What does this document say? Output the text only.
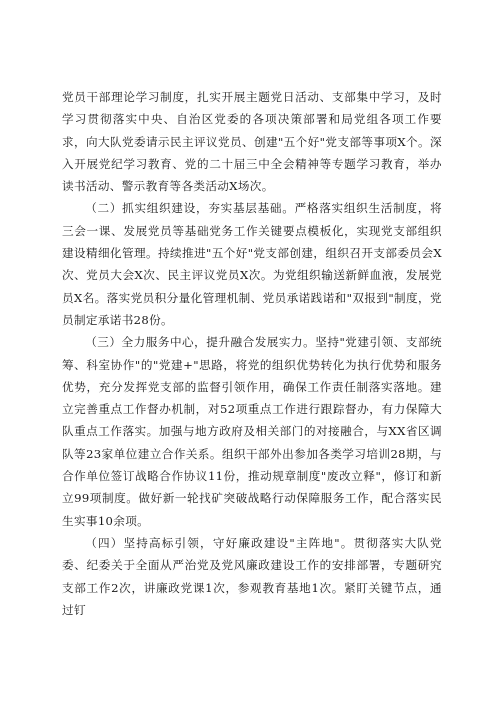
党员干部理论学习制度，扎实开展主题党日活动、支部集中学习，及时学习贯彻落实中央、自治区党委的各项决策部署和局党组各项工作要求，向大队党委请示民主评议党员、创建"五个好"党支部等事项X个。深入开展党纪学习教育、党的二十届三中全会精神等专题学习教育，举办读书活动、警示教育等各类活动X场次。

（二）抓实组织建设，夯实基层基础。严格落实组织生活制度，将三会一课、发展党员等基础党务工作关键要点模板化，实现党支部组织建设精细化管理。持续推进"五个好"党支部创建，组织召开支部委员会X次、党员大会X次、民主评议党员X次。为党组织输送新鲜血液，发展党员X名。落实党员积分量化管理机制、党员承诺践诺和"双报到"制度，党员制定承诺书28份。

（三）全力服务中心，提升融合发展实力。坚持"党建引领、支部统筹、科室协作"的"党建+"思路，将党的组织优势转化为执行优势和服务优势，充分发挥党支部的监督引领作用，确保工作责任制落实落地。建立完善重点工作督办机制，对52项重点工作进行跟踪督办，有力保障大队重点工作落实。加强与地方政府及相关部门的对接融合，与XX省区调队等23家单位建立合作关系。组织干部外出参加各类学习培训28期，与合作单位签订战略合作协议11份，推动规章制度"废改立释"，修订和新立99项制度。做好新一轮找矿突破战略行动保障服务工作，配合落实民生实事10余项。

（四）坚持高标引领，守好廉政建设"主阵地"。贯彻落实大队党委、纪委关于全面从严治党及党风廉政建设工作的安排部署，专题研究支部工作2次，讲廉政党课1次，参观教育基地1次。紧盯关键节点，通过钉
